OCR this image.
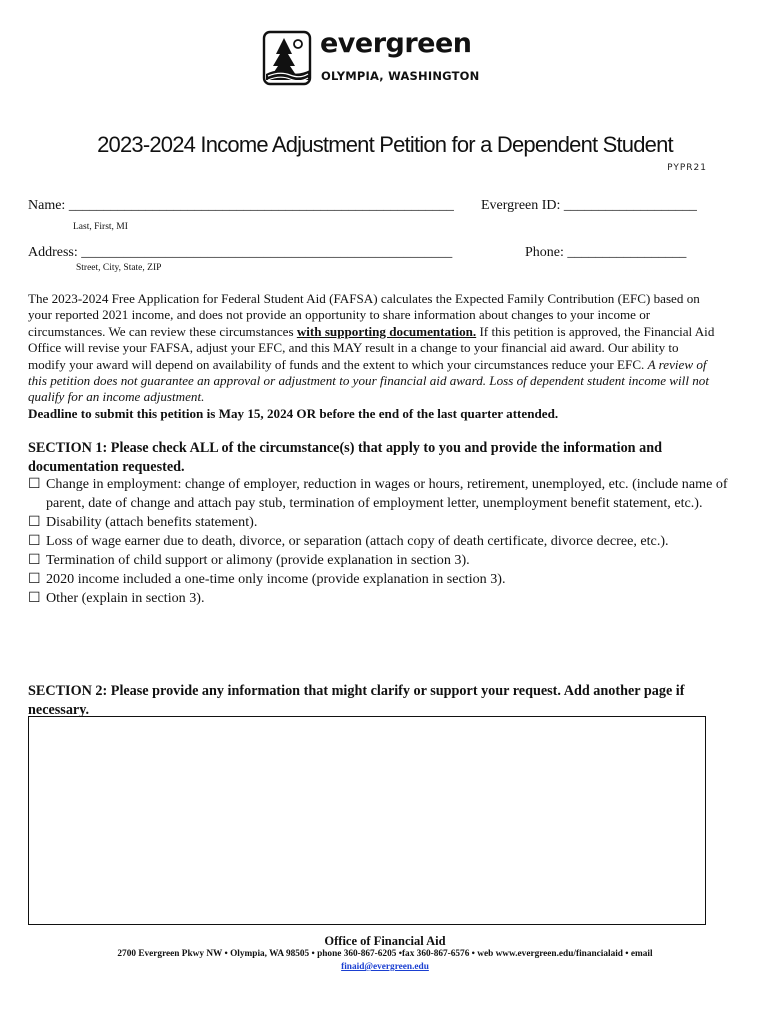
evergreen
OLYMPIA, WASHINGTON
2023-2024 Income Adjustment Petition for a Dependent Student
PYPR21
Name: _______________________________________________________
Last, First, MI
Evergreen ID: ___________________
Address: _____________________________________________________
Street, City, State, ZIP
Phone: _________________

The 2023-2024 Free Application for Federal Student Aid (FAFSA) calculates the Expected Family Contribution (EFC) based on your reported 2021 income, and does not provide an opportunity to share information about changes to your income or circumstances. We can review these circumstances with supporting documentation. If this petition is approved, the Financial Aid Office will revise your FAFSA, adjust your EFC, and this MAY result in a change to your financial aid award. Our ability to modify your award will depend on availability of funds and the extent to which your circumstances reduce your EFC. A review of this petition does not guarantee an approval or adjustment to your financial aid award. Loss of dependent student income will not qualify for an income adjustment.

Deadline to submit this petition is May 15, 2024 OR before the end of the last quarter attended.

SECTION 1: Please check ALL of the circumstance(s) that apply to you and provide the information and documentation requested.
☐ Change in employment: change of employer, reduction in wages or hours, retirement, unemployed, etc. (include name of parent, date of change and attach pay stub, termination of employment letter, unemployment benefit statement, etc.).
☐ Disability (attach benefits statement).
☐ Loss of wage earner due to death, divorce, or separation (attach copy of death certificate, divorce decree, etc.).
☐ Termination of child support or alimony (provide explanation in section 3).
☐ 2020 income included a one-time only income (provide explanation in section 3).
☐ Other (explain in section 3).
SECTION 2: Please provide any information that might clarify or support your request. Add another page if necessary.
Office of Financial Aid
2700 Evergreen Pkwy NW • Olympia, WA 98505 • phone 360-867-6205 •fax 360-867-6576 • web www.evergreen.edu/financialaid • email
finaid@evergreen.edu
